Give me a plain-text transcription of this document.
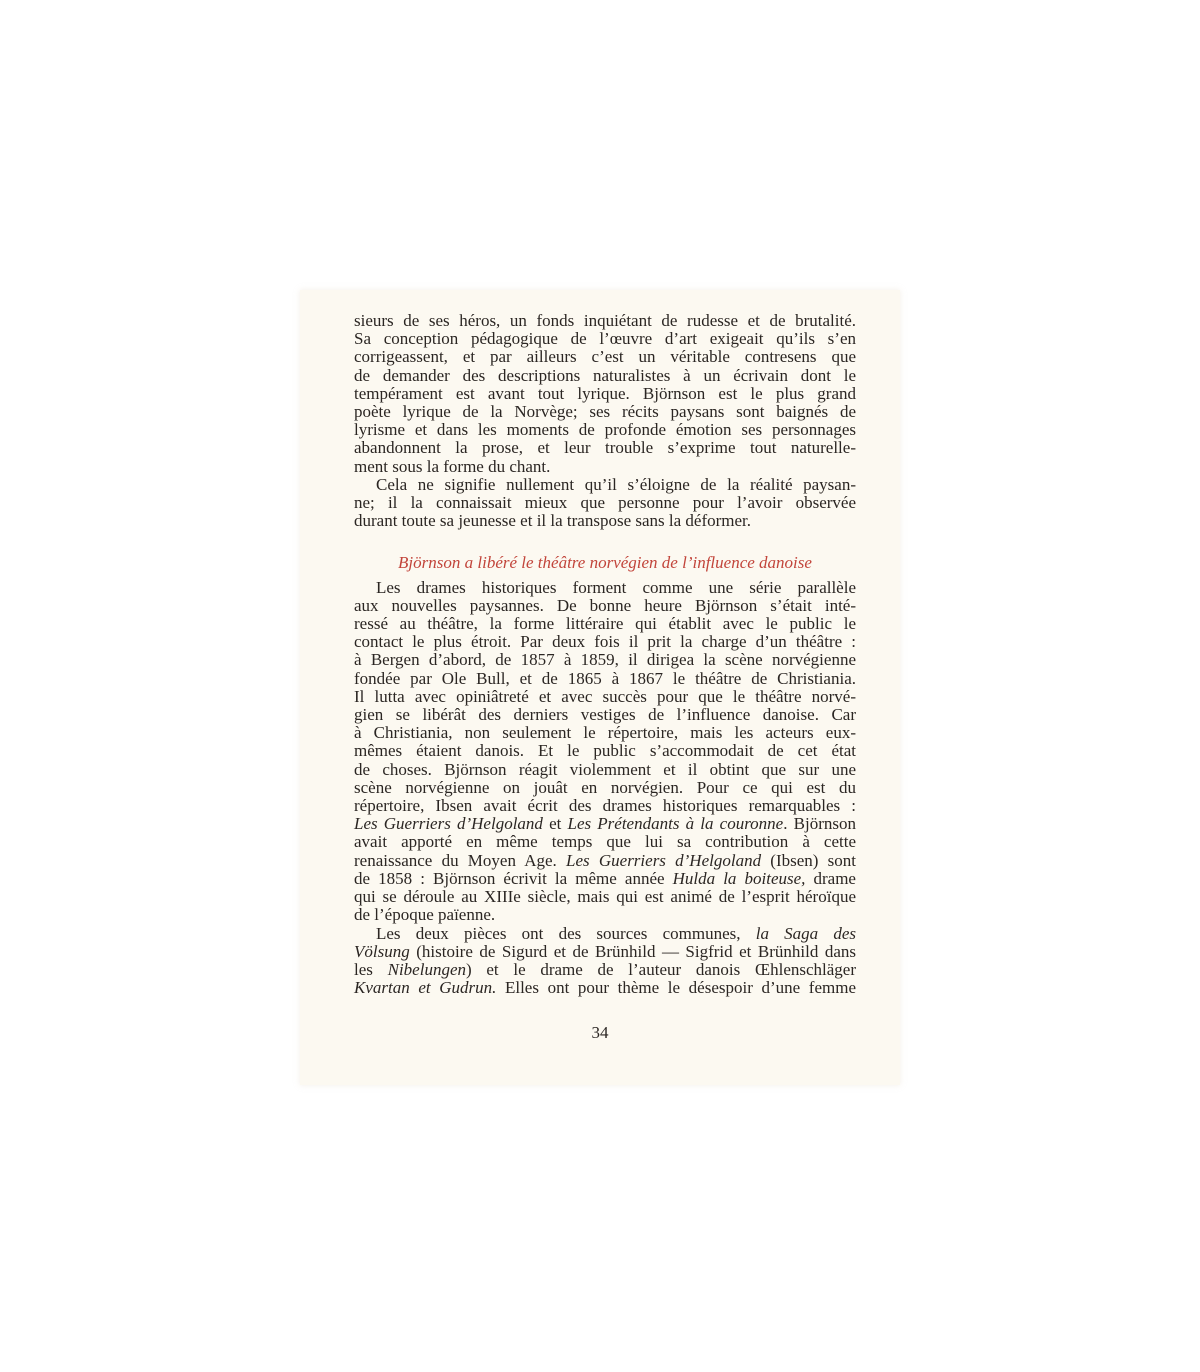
sieurs de ses héros, un fonds inquiétant de rudesse et de brutalité.
Sa conception pédagogique de l’œuvre d’art exigeait qu’ils s’en
corrigeassent, et par ailleurs c’est un véritable contresens que
de demander des descriptions naturalistes à un écrivain dont le
tempérament est avant tout lyrique. Björnson est le plus grand
poète lyrique de la Norvège; ses récits paysans sont baignés de
lyrisme et dans les moments de profonde émotion ses personnages
abandonnent la prose, et leur trouble s’exprime tout naturelle-
ment sous la forme du chant.
Cela ne signifie nullement qu’il s’éloigne de la réalité paysan-
ne; il la connaissait mieux que personne pour l’avoir observée
durant toute sa jeunesse et il la transpose sans la déformer.
Björnson a libéré le théâtre norvégien de l’influence danoise
Les drames historiques forment comme une série parallèle
aux nouvelles paysannes. De bonne heure Björnson s’était inté-
ressé au théâtre, la forme littéraire qui établit avec le public le
contact le plus étroit. Par deux fois il prit la charge d’un théâtre :
à Bergen d’abord, de 1857 à 1859, il dirigea la scène norvégienne
fondée par Ole Bull, et de 1865 à 1867 le théâtre de Christiania.
Il lutta avec opiniâtreté et avec succès pour que le théâtre norvé-
gien se libérât des derniers vestiges de l’influence danoise. Car
à Christiania, non seulement le répertoire, mais les acteurs eux-
mêmes étaient danois. Et le public s’accommodait de cet état
de choses. Björnson réagit violemment et il obtint que sur une
scène norvégienne on jouât en norvégien. Pour ce qui est du
répertoire, Ibsen avait écrit des drames historiques remarquables :
Les Guerriers d’Helgoland et Les Prétendants à la couronne. Björnson
avait apporté en même temps que lui sa contribution à cette
renaissance du Moyen Age. Les Guerriers d’Helgoland (Ibsen) sont
de 1858 : Björnson écrivit la même année Hulda la boiteuse, drame
qui se déroule au XIIIe siècle, mais qui est animé de l’esprit héroïque
de l’époque païenne.
Les deux pièces ont des sources communes, la Saga des
Völsung (histoire de Sigurd et de Brünhild — Sigfrid et Brünhild dans
les Nibelungen) et le drame de l’auteur danois Œhlenschläger
Kvartan et Gudrun. Elles ont pour thème le désespoir d’une femme
34
